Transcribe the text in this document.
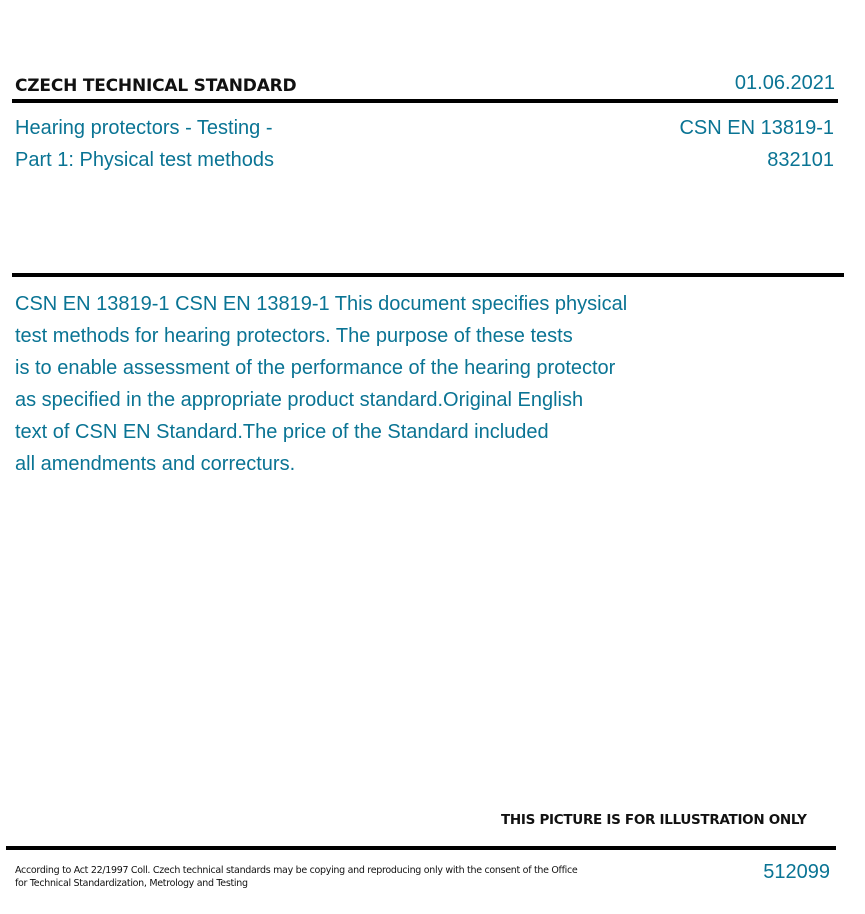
CZECH TECHNICAL STANDARD	01.06.2021
Hearing protectors - Testing -
Part 1: Physical test methods
CSN EN 13819-1
832101
CSN EN 13819-1 CSN EN 13819-1 This document specifies physical
test methods for hearing protectors. The purpose of these tests
is to enable assessment of the performance of the hearing protector
as specified in the appropriate product standard.Original English
text of CSN EN Standard.The price of the Standard included
all amendments and correcturs.
THIS PICTURE IS FOR ILLUSTRATION ONLY
According to Act 22/1997 Coll. Czech technical standards may be copying and reproducing only with the consent of the Office
for Technical Standardization, Metrology and Testing
512099
